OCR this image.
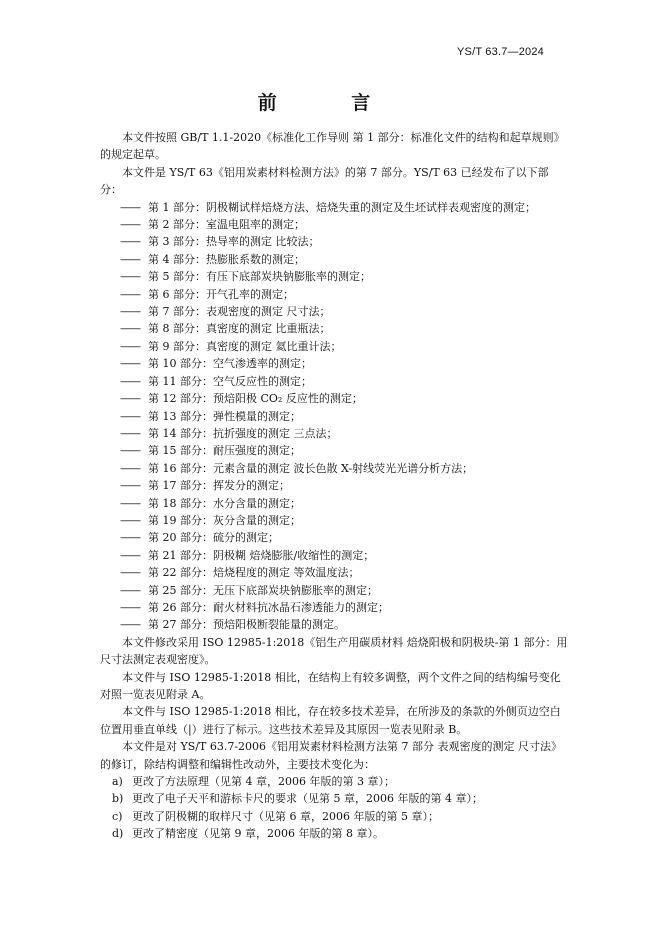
YS/T 63.7—2024
前 言

本文件按照 GB/T 1.1-2020《标准化工作导则 第 1 部分：标准化文件的结构和起草规则》的规定起草。

本文件是 YS/T 63《铝用炭素材料检测方法》的第 7 部分。YS/T 63 已经发布了以下部分：

—— 第 1 部分：阴极糊试样焙烧方法、焙烧失重的测定及生坯试样表观密度的测定；
—— 第 2 部分：室温电阻率的测定；
—— 第 3 部分：热导率的测定 比较法；
—— 第 4 部分：热膨胀系数的测定；
—— 第 5 部分：有压下底部炭块钠膨胀率的测定；
—— 第 6 部分：开气孔率的测定；
—— 第 7 部分：表观密度的测定 尺寸法；
—— 第 8 部分：真密度的测定 比重瓶法；
—— 第 9 部分：真密度的测定 氦比重计法；
—— 第 10 部分：空气渗透率的测定；
—— 第 11 部分：空气反应性的测定；
—— 第 12 部分：预焙阳极 CO₂ 反应性的测定；
—— 第 13 部分：弹性模量的测定；
—— 第 14 部分：抗折强度的测定 三点法；
—— 第 15 部分：耐压强度的测定；
—— 第 16 部分：元素含量的测定 波长色散 X-射线荧光光谱分析方法；
—— 第 17 部分：挥发分的测定；
—— 第 18 部分：水分含量的测定；
—— 第 19 部分：灰分含量的测定；
—— 第 20 部分：硫分的测定；
—— 第 21 部分：阴极糊 焙烧膨胀/收缩性的测定；
—— 第 22 部分：焙烧程度的测定 等效温度法；
—— 第 25 部分：无压下底部炭块钠膨胀率的测定；
—— 第 26 部分：耐火材料抗冰晶石渗透能力的测定；
—— 第 27 部分：预焙阳极断裂能量的测定。

本文件修改采用 ISO 12985-1:2018《铝生产用碳质材料 焙烧阳极和阴极块-第 1 部分：用尺寸法测定表观密度》。

本文件与 ISO 12985-1:2018 相比，在结构上有较多调整，两个文件之间的结构编号变化对照一览表见附录 A。

本文件与 ISO 12985-1:2018 相比，存在较多技术差异，在所涉及的条款的外侧页边空白位置用垂直单线（|）进行了标示。这些技术差异及其原因一览表见附录 B。

本文件是对 YS/T 63.7-2006《铝用炭素材料检测方法第 7 部分 表观密度的测定 尺寸法》的修订，除结构调整和编辑性改动外，主要技术变化为：

a) 更改了方法原理（见第 4 章，2006 年版的第 3 章）；
b) 更改了电子天平和游标卡尺的要求（见第 5 章，2006 年版的第 4 章）；
c) 更改了阴极糊的取样尺寸（见第 6 章，2006 年版的第 5 章）；
d) 更改了精密度（见第 9 章，2006 年版的第 8 章）。
